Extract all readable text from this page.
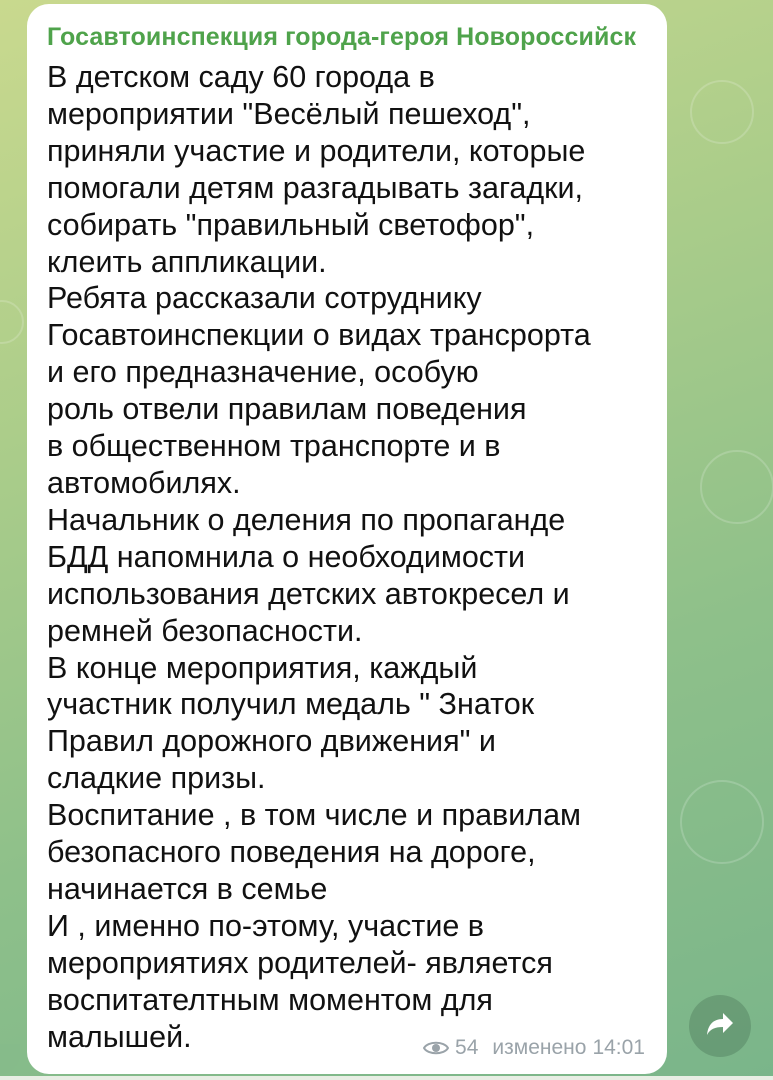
Госавтоинспекция города-героя Новороссийск
В детском саду 60 города в
мероприятии "Весёлый пешеход",
приняли участие и родители, которые
помогали детям разгадывать загадки,
собирать "правильный светофор",
клеить аппликации.
Ребята рассказали сотруднику
Госавтоинспекции о видах трансрорта
и его предназначение, особую
роль отвели правилам поведения
в общественном транспорте и в
автомобилях.
Начальник о деления по пропаганде
БДД напомнила о необходимости
использования детских автокресел и
ремней безопасности.
В конце мероприятия, каждый
участник получил медаль " Знаток
Правил дорожного движения" и
сладкие призы.
Воспитание , в том числе и правилам
безопасного поведения на дороге,
начинается в семье
И , именно по-этому, участие в
мероприятиях родителей- является
воспитателтным моментом для
малышей.	54 изменено 14:01
